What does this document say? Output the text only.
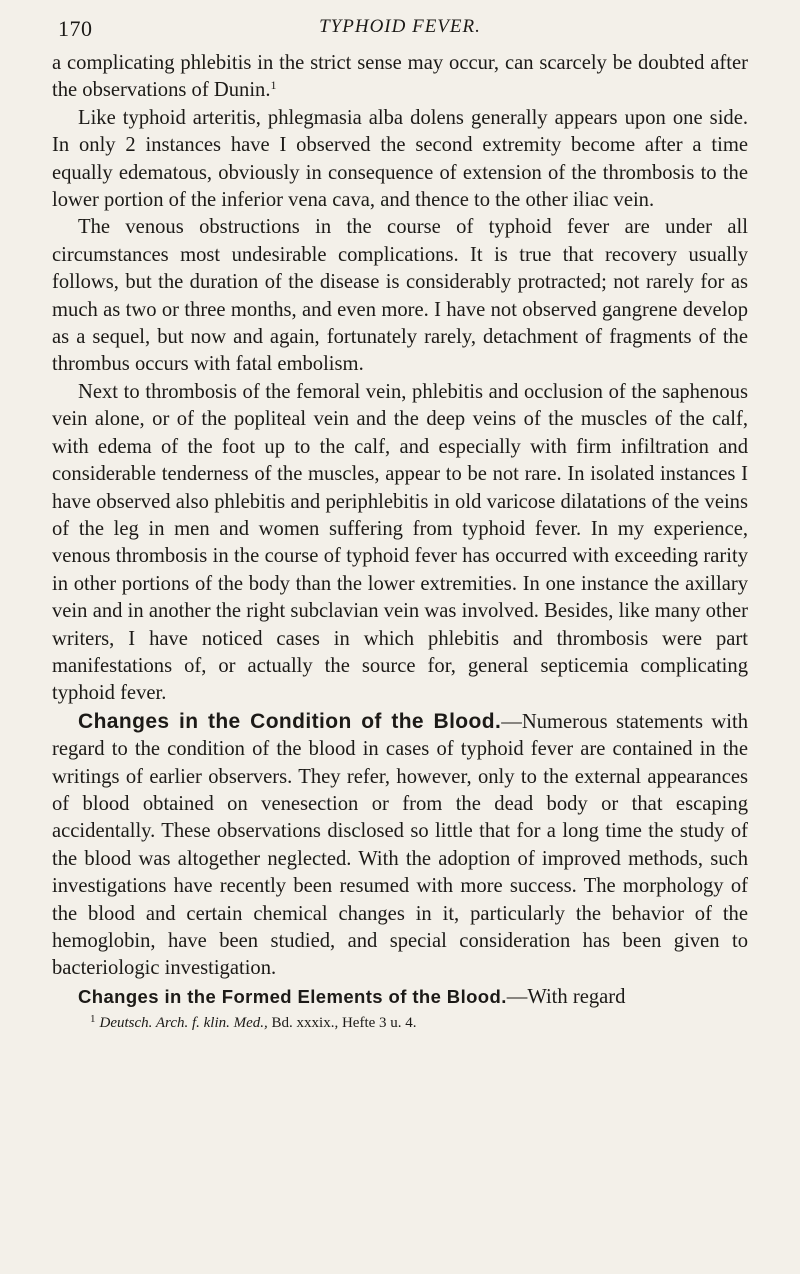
170	TYPHOID FEVER.

a complicating phlebitis in the strict sense may occur, can scarcely be doubted after the observations of Dunin.$^1$

Like typhoid arteritis, phlegmasia alba dolens generally appears upon one side. In only 2 instances have I observed the second extremity become after a time equally edematous, obviously in consequence of extension of the thrombosis to the lower portion of the inferior vena cava, and thence to the other iliac vein.

The venous obstructions in the course of typhoid fever are under all circumstances most undesirable complications. It is true that recovery usually follows, but the duration of the disease is considerably protracted; not rarely for as much as two or three months, and even more. I have not observed gangrene develop as a sequel, but now and again, fortunately rarely, detachment of fragments of the thrombus occurs with fatal embolism.

Next to thrombosis of the femoral vein, phlebitis and occlusion of the saphenous vein alone, or of the popliteal vein and the deep veins of the muscles of the calf, with edema of the foot up to the calf, and especially with firm infiltration and considerable tenderness of the muscles, appear to be not rare. In isolated instances I have observed also phlebitis and periphlebitis in old varicose dilatations of the veins of the leg in men and women suffering from typhoid fever. In my experience, venous thrombosis in the course of typhoid fever has occurred with exceeding rarity in other portions of the body than the lower extremities. In one instance the axillary vein and in another the right subclavian vein was involved. Besides, like many other writers, I have noticed cases in which phlebitis and thrombosis were part manifestations of, or actually the source for, general septicemia complicating typhoid fever.

Changes in the Condition of the Blood.—Numerous statements with regard to the condition of the blood in cases of typhoid fever are contained in the writings of earlier observers. They refer, however, only to the external appearances of blood obtained on venesection or from the dead body or that escaping accidentally. These observations disclosed so little that for a long time the study of the blood was altogether neglected. With the adoption of improved methods, such investigations have recently been resumed with more success. The morphology of the blood and certain chemical changes in it, particularly the behavior of the hemoglobin, have been studied, and special consideration has been given to bacteriologic investigation.

Changes in the Formed Elements of the Blood.—With regard

$^1$ Deutsch. Arch. f. klin. Med., Bd. xxxix., Hefte 3 u. 4.
